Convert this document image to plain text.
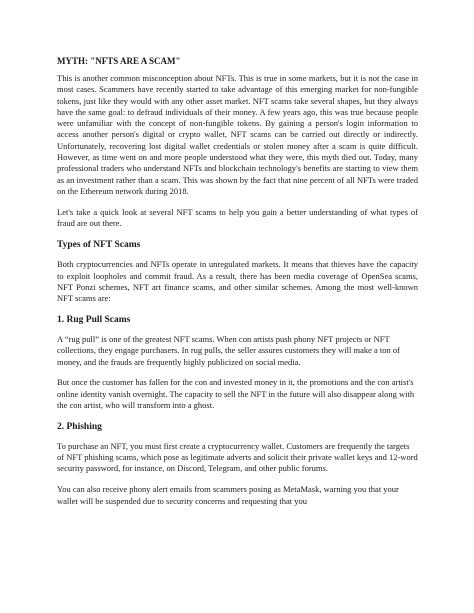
MYTH: "NFTS ARE A SCAM"

This is another common misconception about NFTs. This is true in some markets, but it is not the case in most cases. Scammers have recently started to take advantage of this emerging market for non-fungible tokens, just like they would with any other asset market. NFT scams take several shapes, but they always have the same goal: to defraud individuals of their money. A few years ago, this was true because people were unfamiliar with the concept of non-fungible tokens. By gaining a person's login information to access another person's digital or crypto wallet, NFT scams can be carried out directly or indirectly. Unfortunately, recovering lost digital wallet credentials or stolen money after a scam is quite difficult. However, as time went on and more people understood what they were, this myth died out. Today, many professional traders who understand NFTs and blockchain technology's benefits are starting to view them as an investment rather than a scam. This was shown by the fact that nine percent of all NFTs were traded on the Ethereum network during 2018.

Let's take a quick look at several NFT scams to help you gain a better understanding of what types of fraud are out there.

Types of NFT Scams

Both cryptocurrencies and NFTs operate in unregulated markets. It means that thieves have the capacity to exploit loopholes and commit fraud. As a result, there has been media coverage of OpenSea scams, NFT Ponzi schemes, NFT art finance scams, and other similar schemes. Among the most well-known NFT scams are:

1. Rug Pull Scams

A “rug pull” is one of the greatest NFT scams. When con artists push phony NFT projects or NFT collections, they engage purchasers. In rug pulls, the seller assures customers they will make a ton of money, and the frauds are frequently highly publicized on social media.

But once the customer has fallen for the con and invested money in it, the promotions and the con artist's online identity vanish overnight. The capacity to sell the NFT in the future will also disappear along with the con artist, who will transform into a ghost.

2. Phishing

To purchase an NFT, you must first create a cryptocurrency wallet. Customers are frequently the targets of NFT phishing scams, which pose as legitimate adverts and solicit their private wallet keys and 12-word security password, for instance, on Discord, Telegram, and other public forums.

You can also receive phony alert emails from scammers posing as MetaMask, warning you that your wallet will be suspended due to security concerns and requesting that you
